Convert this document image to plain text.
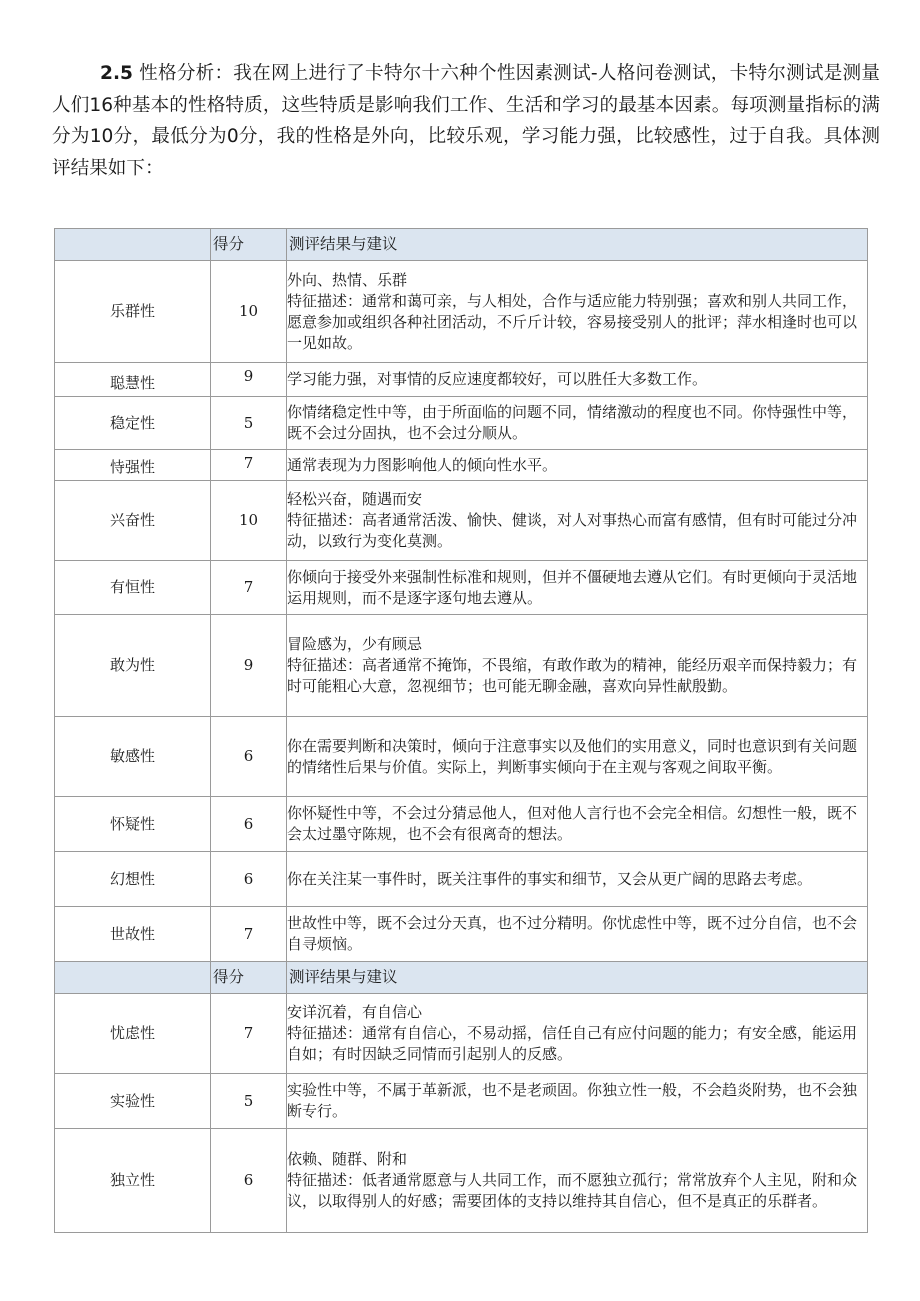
2.5 性格分析：我在网上进行了卡特尔十六种个性因素测试-人格问卷测试，卡特尔测试是测量人们16种基本的性格特质，这些特质是影响我们工作、生活和学习的最基本因素。每项测量指标的满分为10分，最低分为0分，我的性格是外向，比较乐观，学习能力强，比较感性，过于自我。具体测评结果如下：

	得分	测评结果与建议

乐群性	10	外向、热情、乐群
特征描述：通常和蔼可亲，与人相处，合作与适应能力特别强；喜欢和别人共同工作，愿意参加或组织各种社团活动，不斤斤计较，容易接受别人的批评；萍水相逢时也可以一见如故。

聪慧性	9	学习能力强，对事情的反应速度都较好，可以胜任大多数工作。

稳定性	5	你情绪稳定性中等，由于所面临的问题不同，情绪激动的程度也不同。你恃强性中等，既不会过分固执，也不会过分顺从。

恃强性	7	通常表现为力图影响他人的倾向性水平。

兴奋性	10	轻松兴奋，随遇而安
特征描述：高者通常活泼、愉快、健谈，对人对事热心而富有感情，但有时可能过分冲动，以致行为变化莫测。

有恒性	7	你倾向于接受外来强制性标准和规则，但并不僵硬地去遵从它们。有时更倾向于灵活地运用规则，而不是逐字逐句地去遵从。

敢为性	9	冒险感为，少有顾忌
特征描述：高者通常不掩饰，不畏缩，有敢作敢为的精神，能经历艰辛而保持毅力；有时可能粗心大意，忽视细节；也可能无聊金融，喜欢向异性献殷勤。

敏感性	6	你在需要判断和决策时，倾向于注意事实以及他们的实用意义，同时也意识到有关问题的情绪性后果与价值。实际上，判断事实倾向于在主观与客观之间取平衡。

怀疑性	6	你怀疑性中等，不会过分猜忌他人，但对他人言行也不会完全相信。幻想性一般，既不会太过墨守陈规，也不会有很离奇的想法。

幻想性	6	你在关注某一事件时，既关注事件的事实和细节，又会从更广阔的思路去考虑。

世故性	7	世故性中等，既不会过分天真，也不过分精明。你忧虑性中等，既不过分自信，也不会自寻烦恼。

	得分	测评结果与建议

忧虑性	7	安详沉着，有自信心
特征描述：通常有自信心，不易动摇，信任自己有应付问题的能力；有安全感，能运用自如；有时因缺乏同情而引起别人的反感。

实验性	5	实验性中等，不属于革新派，也不是老顽固。你独立性一般，不会趋炎附势，也不会独断专行。

独立性	6	依赖、随群、附和
特征描述：低者通常愿意与人共同工作，而不愿独立孤行；常常放弃个人主见，附和众议，以取得别人的好感；需要团体的支持以维持其自信心，但不是真正的乐群者。
